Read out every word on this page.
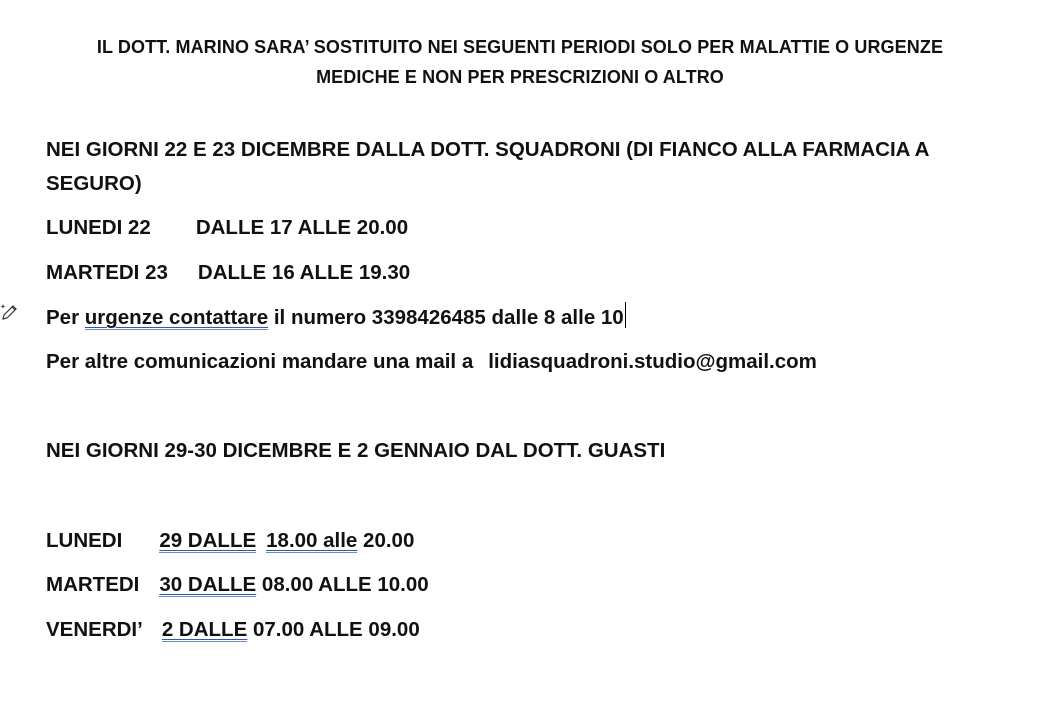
IL DOTT. MARINO SARA’ SOSTITUITO NEI SEGUENTI PERIODI SOLO PER MALATTIE O URGENZE
MEDICHE E NON PER PRESCRIZIONI O ALTRO
NEI GIORNI 22 E 23 DICEMBRE DALLA DOTT. SQUADRONI (DI FIANCO ALLA FARMACIA A SEGURO)
LUNEDI 22 DALLE 17 ALLE 20.00
MARTEDI 23 DALLE 16 ALLE 19.30
Per urgenze contattare il numero 3398426485 dalle 8 alle 10
Per altre comunicazioni mandare una mail a lidiasquadroni.studio@gmail.com
NEI GIORNI 29-30 DICEMBRE E 2 GENNAIO DAL DOTT. GUASTI
LUNEDI 29 DALLE 18.00 alle 20.00
MARTEDI 30 DALLE 08.00 ALLE 10.00
VENERDI’ 2 DALLE 07.00 ALLE 09.00
